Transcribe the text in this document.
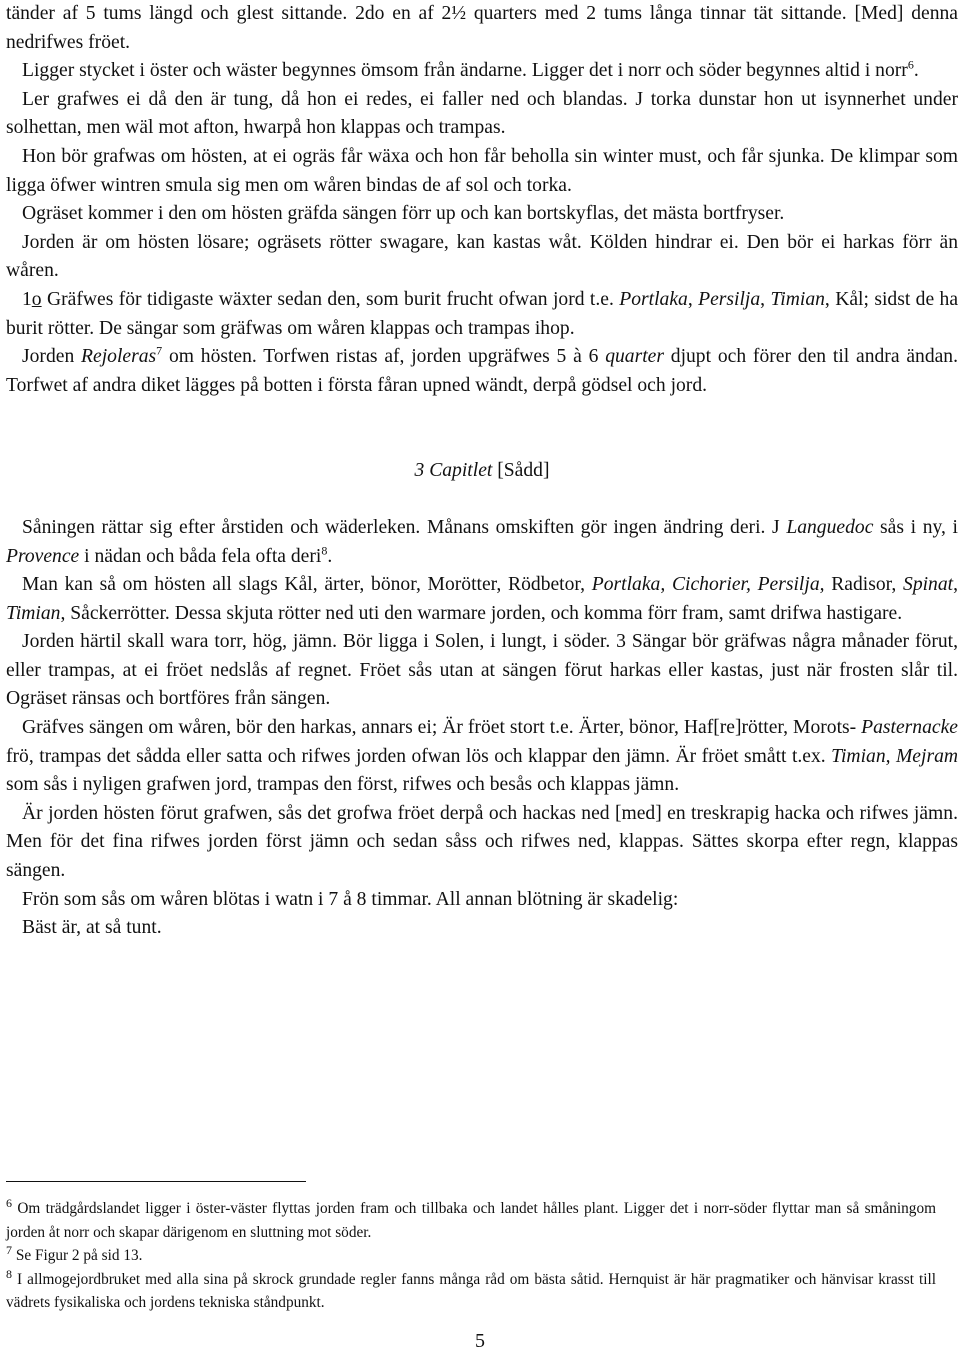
tänder af 5 tums längd och glest sittande. 2do en af 2½ quarters med 2 tums långa tinnar tät sittande. [Med] denna nedrifwes fröet.

Ligger stycket i öster och wäster begynnes ömsom från ändarne. Ligger det i norr och söder begynnes altid i norr$^6$.

Ler grafwes ei då den är tung, då hon ei redes, ei faller ned och blandas. J torka dunstar hon ut isynnerhet under solhettan, men wäl mot afton, hwarpå hon klappas och trampas.

Hon bör grafwas om hösten, at ei ogräs får wäxa och hon får beholla sin winter must, och får sjunka. De klimpar som ligga öfwer wintren smula sig men om wåren bindas de af sol och torka.

Ogräset kommer i den om hösten gräfda sängen förr up och kan bortskyflas, det mästa bortfryser.

Jorden är om hösten lösare; ogräsets rötter swagare, kan kastas wåt. Kölden hindrar ei. Den bör ei harkas förr än wåren.

1o Gräfwes för tidigaste wäxter sedan den, som burit frucht ofwan jord t.e. Portlaka, Persilja, Timian, Kål; sidst de ha burit rötter. De sängar som gräfwas om wåren klappas och trampas ihop.

Jorden Rejoleras$^7$ om hösten. Torfwen ristas af, jorden upgräfwes 5 à 6 quarter djupt och förer den til andra ändan. Torfwet af andra diket lägges på botten i första fåran upned wändt, derpå gödsel och jord.

3 Capitlet [Sådd]

Såningen rättar sig efter årstiden och wäderleken. Månans omskiften gör ingen ändring deri. J Languedoc sås i ny, i Provence i nädan och båda fela ofta deri$^8$.

Man kan så om hösten all slags Kål, ärter, bönor, Morötter, Rödbetor, Portlaka, Cichorier, Persilja, Radisor, Spinat, Timian, Såckerrötter. Dessa skjuta rötter ned uti den warmare jorden, och komma förr fram, samt drifwa hastigare.

Jorden härtil skall wara torr, hög, jämn. Bör ligga i Solen, i lungt, i söder. 3 Sängar bör gräfwas några månader förut, eller trampas, at ei fröet nedslås af regnet. Fröet sås utan at sängen förut harkas eller kastas, just när frosten slår til. Ogräset ränsas och bortföres från sängen.

Gräfves sängen om wåren, bör den harkas, annars ei; Är fröet stort t.e. Ärter, bönor, Haf[re]rötter, Morots- Pasternacke frö, trampas det sådda eller satta och rifwes jorden ofwan lös och klappar den jämn. Är fröet smått t.ex. Timian, Mejram som sås i nyligen grafwen jord, trampas den först, rifwes och besås och klappas jämn.

Är jorden hösten förut grafwen, sås det grofwa fröet derpå och hackas ned [med] en treskrapig hacka och rifwes jämn. Men för det fina rifwes jorden först jämn och sedan såss och rifwes ned, klappas. Sättes skorpa efter regn, klappas sängen.

Frön som sås om wåren blötas i watn i 7 å 8 timmar. All annan blötning är skadelig:

Bäst är, at så tunt.

$^6$ Om trädgårdslandet ligger i öster-väster flyttas jorden fram och tillbaka och landet hålles plant. Ligger det i norr-söder flyttar man så småningom jorden åt norr och skapar därigenom en sluttning mot söder.

$^7$ Se Figur 2 på sid 13.

$^8$ I allmogejordbruket med alla sina på skrock grundade regler fanns många råd om bästa såtid. Hernquist är här pragmatiker och hänvisar krasst till vädrets fysikaliska och jordens tekniska ståndpunkt.

5
